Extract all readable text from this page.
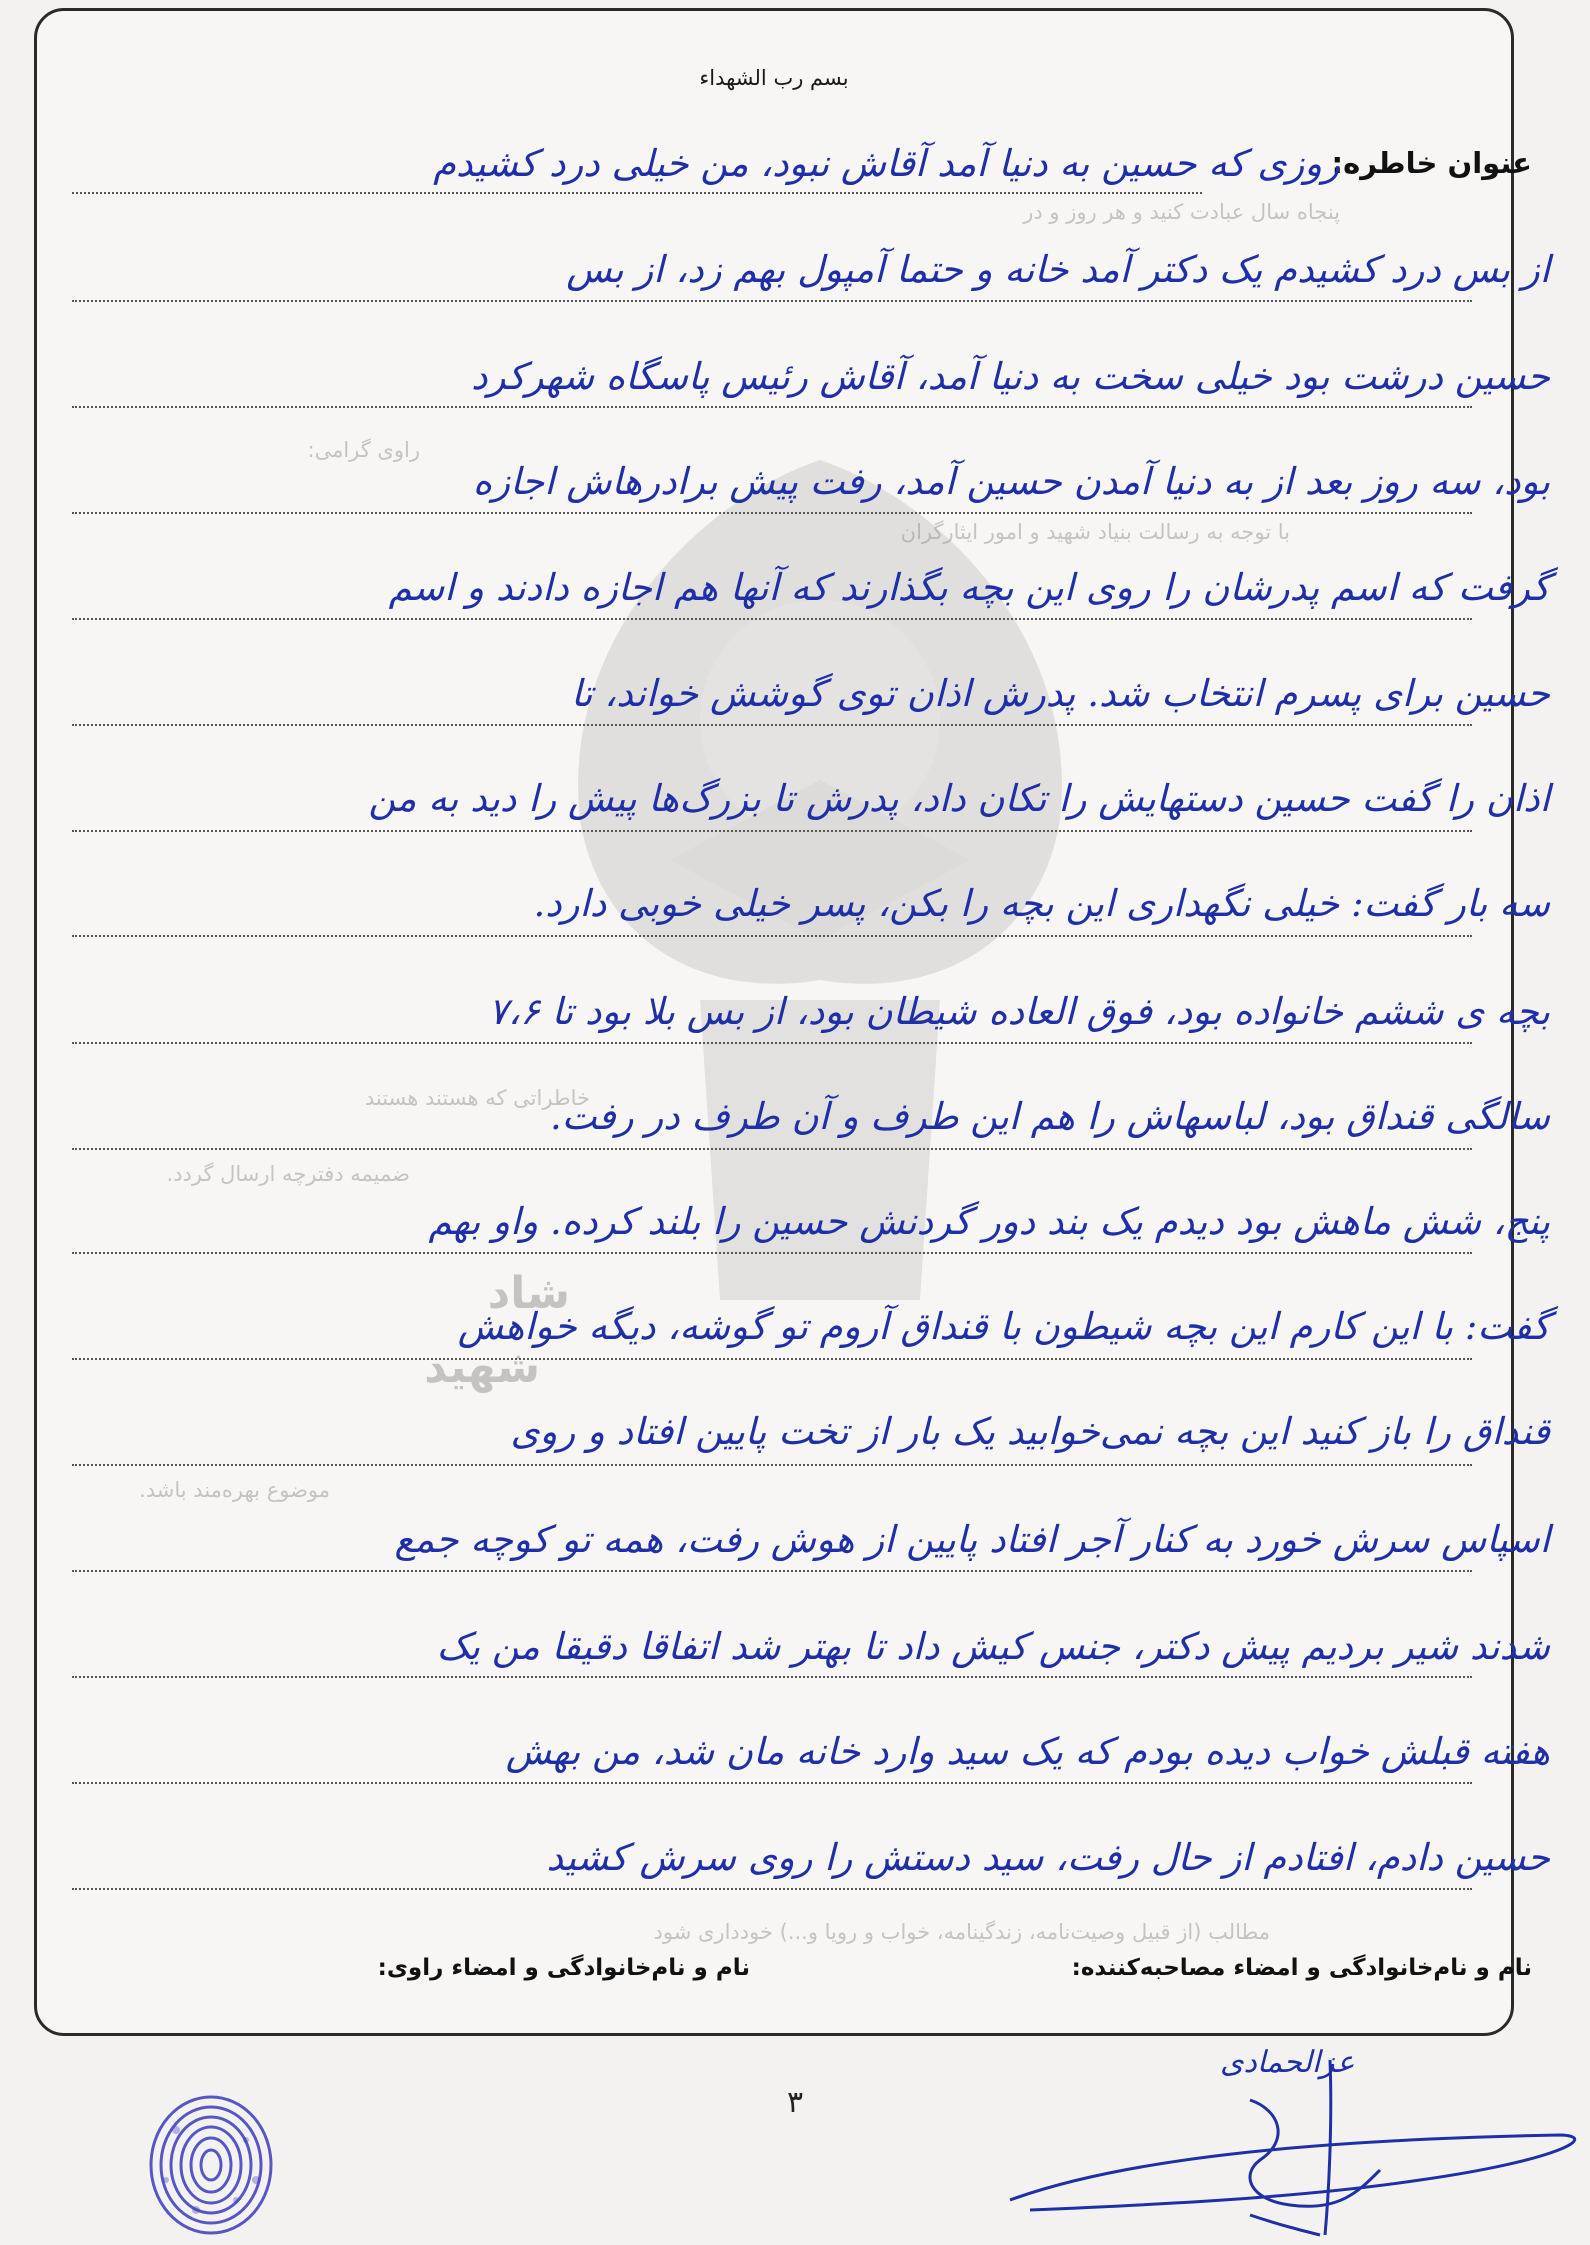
بسم رب الشهداء
پنجاه سال عبادت کنید و هر روز و در
راوی گرامی:
با توجه به رسالت بنیاد شهید و امور ایثارگران
خاطراتی که هستند هستند
ضمیمه دفترچه ارسال گردد.
شاد
شهید
موضوع بهره‌مند باشد.
مطالب (از قبیل وصیت‌نامه، زندگینامه، خواب و رویا و...) خودداری شود
عنوان خاطره:
روزی که حسین به دنیا آمد آقاش نبود، من خیلی درد کشیدم
از بس درد کشیدم یک دکتر آمد خانه و حتما آمپول بهم زد، از بس
حسین درشت بود خیلی سخت به دنیا آمد، آقاش رئیس پاسگاه شهرکرد
بود، سه روز بعد از به دنیا آمدن حسین آمد، رفت پیش برادرهاش اجازه
گرفت که اسم پدرشان را روی این بچه بگذارند که آنها هم اجازه دادند و اسم
حسین برای پسرم انتخاب شد. پدرش اذان توی گوشش خواند، تا
اذان را گفت حسین دستهایش را تکان داد، پدرش تا بزرگ‌ها پیش را دید به من
سه بار گفت: خیلی نگهداری این بچه را بکن، پسر خیلی خوبی دارد.
بچه ی ششم خانواده بود، فوق العاده شیطان بود، از بس بلا بود تا ۷،۶
سالگی قنداق بود، لباسهاش را هم این طرف و آن طرف در رفت.
پنج، شش ماهش بود دیدم یک بند دور گردنش حسین را بلند کرده. واو بهم
گفت: با این کارم این بچه شیطون با قنداق آروم تو گوشه، دیگه خواهش
قنداق را باز کنید این بچه نمی‌خوابید یک بار از تخت پایین افتاد و روی
اسپاس سرش خورد به کنار آجر افتاد پایین از هوش رفت، همه تو کوچه جمع
شدند شیر بردیم پیش دکتر، جنس کیش داد تا بهتر شد اتفاقا دقیقا من یک
هفته قبلش خواب دیده بودم که یک سید وارد خانه مان شد، من بهش
حسین دادم، افتادم از حال رفت، سید دستش را روی سرش کشید
نام و نام‌خانوادگی و امضاء مصاحبه‌کننده:
نام و نام‌خانوادگی و امضاء راوی:
۳
عزالحمادی
